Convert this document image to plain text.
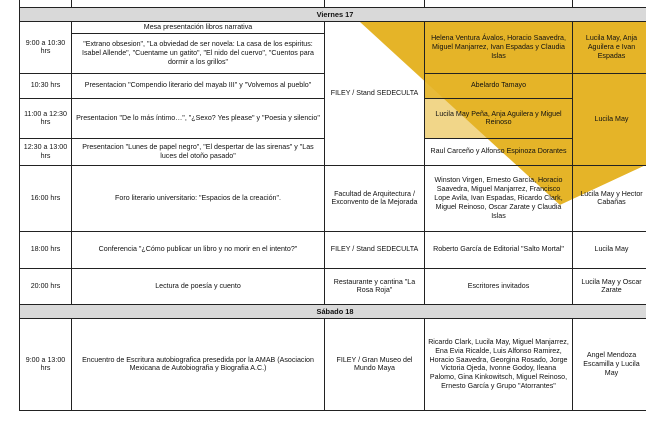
Viernes 17				
9:00 a 10:30 hrs	Mesa presentación libros narrativa	FILEY / Stand SEDECULTA	Helena Ventura Ávalos, Horacio Saavedra, Miguel Manjarrez, Ivan Espadas y Claudia Islas	Lucila May, Anja Aguilera e Ivan Espadas
	"Extrano obsesion", "La obviedad de ser novela: La casa de los espiritus: Isabel Allende", "Cuentame un gatito", "El nido del cuervo", "Cuentos para dormir a los grillos"			
10:30 hrs	Presentacion "Compendio literario del mayab III" y "Volvemos al pueblo"		Abelardo Tamayo	Lucila May
11:00 a 12:30 hrs	Presentacion "De lo más íntimo…", "¿Sexo? Yes please" y "Poesia y silencio"		Lucila May Peña, Anja Aguilera y Miguel Reinoso	
12:30 a 13:00 hrs	Presentacion "Lunes de papel negro", "El despertar de las sirenas" y "Las luces del otoño pasado"		Raul Carceño y Alfonso Espinoza Dorantes	
16:00 hrs	Foro literario universitario: "Espacios de la creación".	Facultad de Arquitectura / Exconvento de la Mejorada	Winston Virgen, Ernesto García, Horacio Saavedra, Miguel Manjarrez, Francisco Lope Avila, Ivan Espadas, Ricardo Clark, Miguel Reinoso, Oscar Zarate y Claudia Islas	Lucila May y Hector Cabañas
18:00 hrs	Conferencia "¿Cómo publicar un libro y no morir en el intento?"	FILEY / Stand SEDECULTA	Roberto García de Editorial "Salto Mortal"	Lucila May
20:00 hrs	Lectura de poesía y cuento	Restaurante y cantina "La Rosa Roja"	Escritores invitados	Lucila May y Oscar Zarate
Sábado 18				
9:00 a 13:00 hrs	Encuentro de Escritura autobiografica presedida por la AMAB (Asociacion Mexicana de Autobiografia y Biografia A.C.)	FILEY / Gran Museo del Mundo Maya	Ricardo Clark, Lucila May, Miguel Manjarrez, Ena Evia Ricalde, Luis Alfonso Ramirez, Horacio Saavedra, Georgina Rosado, Jorge Victoria Ojeda, Ivonne Godoy, Ileana Palomo, Gina Kinkowitsch, Miguel Reinoso, Ernesto García y Grupo "Atorrantes"	Angel Mendoza Escamilla y Lucila May
